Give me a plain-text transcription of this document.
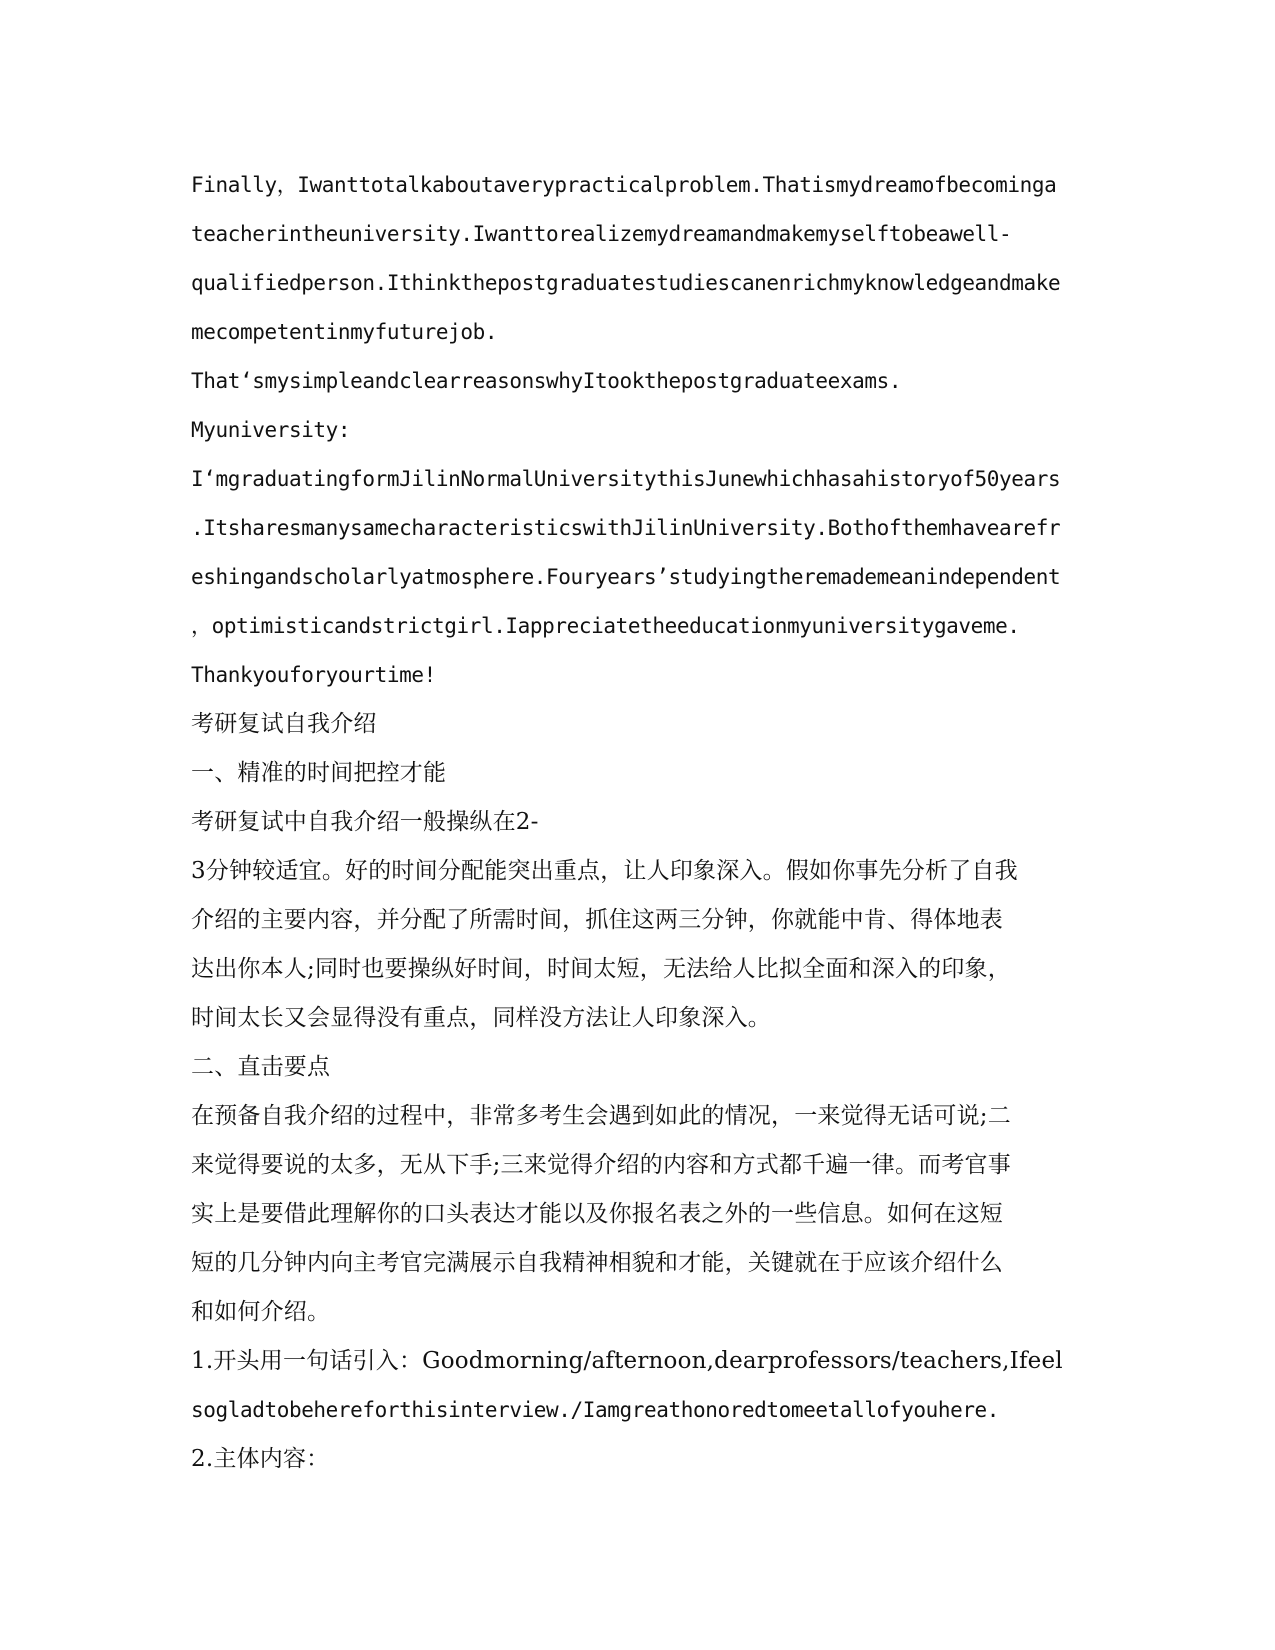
Finally，Iwanttotalkaboutaverypracticalproblem.Thatismydreamofbecominga
teacherintheuniversity.Iwanttorealizemydreamandmakemyselftobeawell-
qualifiedperson.Ithinkthepostgraduatestudiescanenrichmyknowledgeandmake
mecompetentinmyfuturejob.
That‘smysimpleandclearreasonswhyItookthepostgraduateexams.
Myuniversity:
I‘mgraduatingformJilinNormalUniversitythisJunewhichhasahistoryof50years
.ItsharesmanysamecharacteristicswithJilinUniversity.Bothofthemhavearefr
eshingandscholarlyatmosphere.Fouryears’studyingtheremademeanindependent
，optimisticandstrictgirl.Iappreciatetheeducationmyuniversitygaveme.
Thankyouforyourtime!
考研复试自我介绍
一、精准的时间把控才能
考研复试中自我介绍一般操纵在2-
3分钟较适宜。好的时间分配能突出重点，让人印象深入。假如你事先分析了自我
介绍的主要内容，并分配了所需时间，抓住这两三分钟，你就能中肯、得体地表
达出你本人;同时也要操纵好时间，时间太短，无法给人比拟全面和深入的印象，
时间太长又会显得没有重点，同样没方法让人印象深入。
二、直击要点
在预备自我介绍的过程中，非常多考生会遇到如此的情况，一来觉得无话可说;二
来觉得要说的太多，无从下手;三来觉得介绍的内容和方式都千遍一律。而考官事
实上是要借此理解你的口头表达才能以及你报名表之外的一些信息。如何在这短
短的几分钟内向主考官完满展示自我精神相貌和才能，关键就在于应该介绍什么
和如何介绍。
1.开头用一句话引入：Goodmorning/afternoon,dearprofessors/teachers,Ifeel
sogladtobehereforthisinterview./Iamgreathonoredtomeetallofyouhere.
2.主体内容：
